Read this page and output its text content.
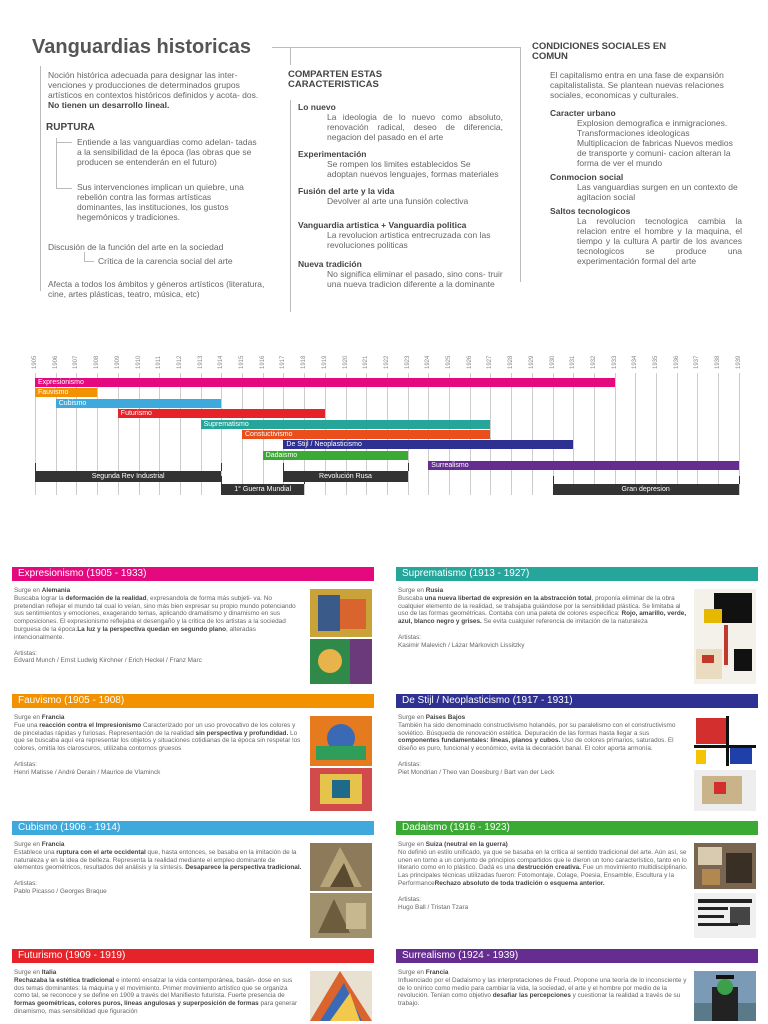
Vanguardias historicas
Noción histórica adecuada para designar las inter- venciones y producciones de determinados grupos artísticos en contextos históricos definidos y acota- dos. No tienen un desarrollo lineal.
RUPTURA
Entiende a las vanguardias como adelan- tadas a la sensibilidad de la época (las obras que se producen se entenderán en el futuro)
Sus intervenciones implican un quiebre, una rebelión contra las formas artísticas dominantes, las instituciones, los gustos hegemónicos y tradiciones.
Discusión de la función del arte en la sociedad
Crítica de la carencia social del arte
Afecta a todos los ámbitos y géneros artísticos (literatura, cine, artes plásticas, teatro, música, etc)
COMPARTEN ESTAS CARACTERISTICAS
Lo nuevo
La ideologia de lo nuevo como absoluto, renovación radical, deseo de diferencia, negacion del pasado en el arte
Experimentación
Se rompen los limites establecidos Se adoptan nuevos lenguajes, formas materiales
Fusión del arte y la vida
Devolver al arte una funsión colectiva
Vanguardia artistica + Vanguardia politica
La revolucion artistica entrecruzada con las revoluciones politicas
Nueva tradición
No significa eliminar el pasado, sino cons- truir una nueva tradicion diferente a la dominante
CONDICIONES SOCIALES EN COMUN
El capitalismo entra en una fase de expansión capitalistalista. Se plantean nuevas relaciones sociales, economicas y culturales.
Caracter urbano
Explosion demografica e inmigraciones. Transformaciones ideologicas Multiplicacion de fabricas Nuevos medios de transporte y comuni- cacion alteran la forma de ver el mundo
Conmocion social
Las vanguardias surgen en un contexto de agitacion social
Saltos tecnologicos
La revolucion tecnologica cambia la relacion entre el hombre y la maquina, el tiempo y la cultura A partir de los avances tecnologicos se produce una experimentación formal del arte
1905 1906 1907 1908 1909 1910 1911 1912 1913 1914 1915 1916 1917 1918 1919 1920 1921 1922 1923 1924 1925 1926 1927 1928 1929 1930 1931 1932 1933 1934 1935 1936 1937 1938 1939
Expresionismo
Fauvismo
Cubismo
Futurismo
Suprematismo
Constuctivismo
De Stijl / Neoplasticismo
Dadaismo
Surrealismo
Segunda Rev Industrial
1° Guerra Mundial
Revolución Rusa
Gran depresion
Expresionismo (1905 - 1933)
Surge en Alemania
Buscaba lograr la deformación de la realidad, expresandola de forma más subjeti- va. No pretendían reflejar el mundo tal cual lo veían, sino más bien expresar su propio mundo potenciando sus sentimientos y emociones, exagerando temas, aplicando dramatismo y dinamismo en sus composiciones. El expresionismo reflejaba el desengaño y la critica de los artistas a la sociedad burguesa de la época.La luz y la perspectiva quedan en segundo plano, alteradas intencionalmente.
Artistas:
Edvard Munch / Ernst Ludwig Kirchner / Erich Heckel / Franz Marc
Suprematismo (1913 - 1927)
Surge en Rusia
Buscaba una nueva libertad de expresión en la abstracción total, proponía eliminar de la obra cualquier elemento de la realidad, se trabajaba guiándose por la sensibilidad plástica. Se limitaba al uso de las formas geométricas. Contaba con una paleta de colores especifica: Rojo, amarillo, verde, azul, blanco negro y grises. Se evita cualquier referencia de imitación de la naturaleza
Artistas:
Kasimir Malevich / Lázar Márkovich Lissitzky
Fauvismo (1905 - 1908)
Surge en Francia
Fue una reacción contra el Impresionismo Caracterizado por un uso provocativo de los colores y de pinceladas rápidas y furiosas. Representación de la realidad sin perspectiva y profundidad. Lo que se buscaba aquí era representar los objetos y situaciones cotidianas de la época sin respetar los colores, omitía los claroscuros, utilizaba contornos gruesos
Artistas:
Henri Matisse / André Derain / Maurice de Vlaminck
De Stijl / Neoplasticismo (1917 - 1931)
Surge en Paises Bajos
También ha sido denominado constructivismo holandés, por su paralelismo con el constructivismo soviético. Búsqueda de renovación estética. Depuración de las formas hasta llegar a sus componentes fundamentales: lineas, planos y cubos. Uso de colores primarios, saturados. El diseño es puro, funcional y económico, evita la decoración banal. El color aporta armonía.
Artistas:
Piet Mondrian / Theo van Doesburg / Bart van der Leck
Cubismo (1906 - 1914)
Surge en Francia
Establece una ruptura con el arte occidental que, hasta entonces, se basaba en la imitación de la naturaleza y en la idea de belleza. Representa la realidad mediante el empleo dominante de elementos geométricos, resultados del análisis y la síntesis. Desaparece la perspectiva tradicional.
Artistas:
Pablo Picasso / Georges Braque
Dadaismo (1916 - 1923)
Surge en Suiza (neutral en la guerra)
No definió un estilo unificado, ya que se basaba en la crítica al sentido tradicional del arte. Aún así, se unen en torno a un conjunto de principios compartidos que le dieron un tono característico, tanto en lo literario como en lo plástico. Dadá es una destrucción creativa. Fue un movimiento multidisciplinario. Las principales técnicas utilizadas fueron: Fotomontaje, Colage, Poesia, Ensamble, Escultura y la PerformanceRechazo absoluto de toda tradición o esquema anterior.
Artistas:
Hugo Ball / Tristan Tzara
Futurismo (1909 - 1919)
Surge en Italia
Rechazaba la estética tradicional e intentó ensalzar la vida contemporánea, basán- dose en sus dos temas dominantes: la máquina y el movimiento. Primer movimiento artístico que se organiza como tal, se reconoce y se define en 1909 a través del Manifiesto futurista. Fuerte presencia de formas geométricas, colores puros, lineas angulosas y superposición de formas para generar dinamismo, mas sensibilidad que figuración
Surrealismo (1924 - 1939)
Surge en Francia
Influenciado por el Dadaismo y las interpretaciones de Freud. Propone una teoría de lo inconsciente y de lo onírico como medio para cambiar la vida, la sociedad, el arte y el hombre por medio de la revolución. Tenían como objetivo desafiar las percepciones y cuestionar la realidad a través de su trabajo.
